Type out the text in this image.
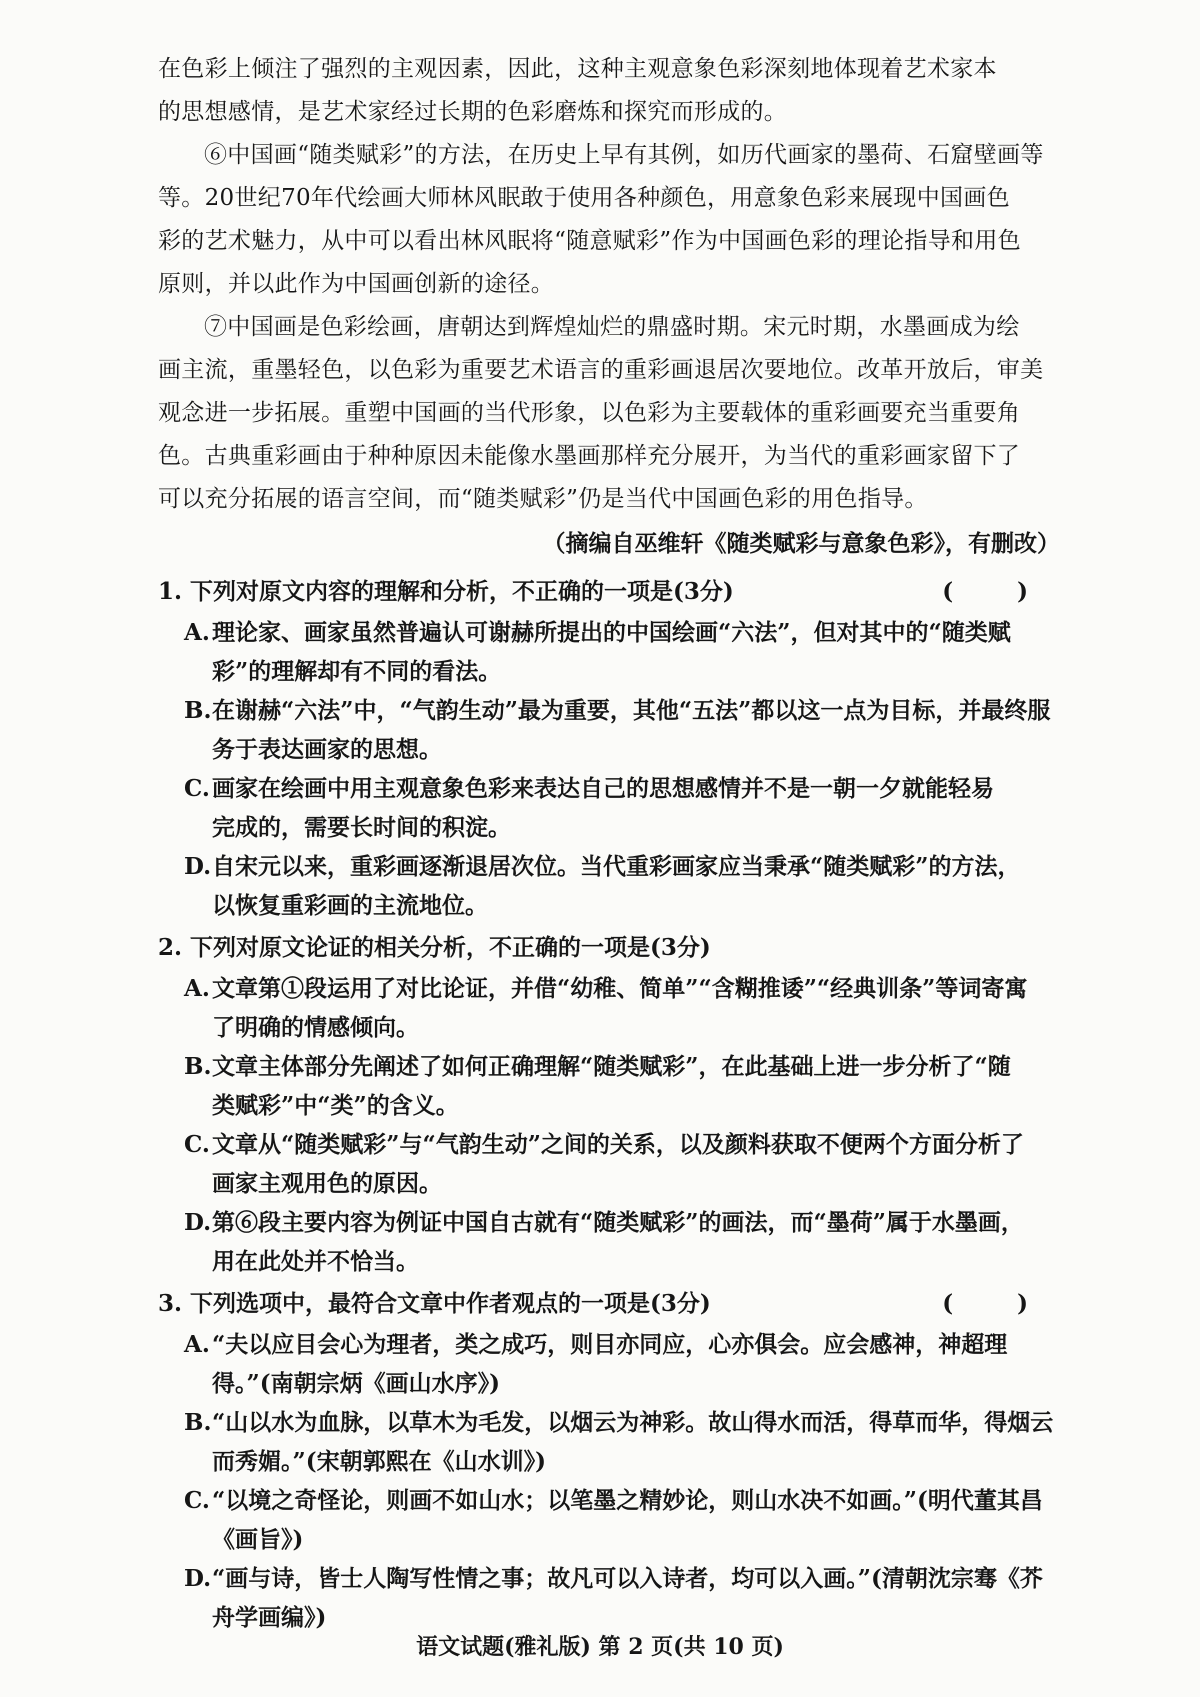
在色彩上倾注了强烈的主观因素，因此，这种主观意象色彩深刻地体现着艺术家本

的思想感情，是艺术家经过长期的色彩磨炼和探究而形成的。

⑥中国画“随类赋彩”的方法，在历史上早有其例，如历代画家的墨荷、石窟壁画等

等。20世纪70年代绘画大师林风眠敢于使用各种颜色，用意象色彩来展现中国画色

彩的艺术魅力，从中可以看出林风眠将“随意赋彩”作为中国画色彩的理论指导和用色

原则，并以此作为中国画创新的途径。

⑦中国画是色彩绘画，唐朝达到辉煌灿烂的鼎盛时期。宋元时期，水墨画成为绘

画主流，重墨轻色，以色彩为重要艺术语言的重彩画退居次要地位。改革开放后，审美

观念进一步拓展。重塑中国画的当代形象，以色彩为主要载体的重彩画要充当重要角

色。古典重彩画由于种种原因未能像水墨画那样充分展开，为当代的重彩画家留下了

可以充分拓展的语言空间，而“随类赋彩”仍是当代中国画色彩的用色指导。

（摘编自巫维轩《随类赋彩与意象色彩》，有删改）

1. 下列对原文内容的理解和分析，不正确的一项是(3分)	( )

A.理论家、画家虽然普遍认可谢赫所提出的中国绘画“六法”，但对其中的“随类赋
彩”的理解却有不同的看法。

B.在谢赫“六法”中，“气韵生动”最为重要，其他“五法”都以这一点为目标，并最终服
务于表达画家的思想。

C.画家在绘画中用主观意象色彩来表达自己的思想感情并不是一朝一夕就能轻易
完成的，需要长时间的积淀。

D.自宋元以来，重彩画逐渐退居次位。当代重彩画家应当秉承“随类赋彩”的方法，
以恢复重彩画的主流地位。

2. 下列对原文论证的相关分析，不正确的一项是(3分)

A.文章第①段运用了对比论证，并借“幼稚、简单”“含糊推诿”“经典训条”等词寄寓
了明确的情感倾向。

B.文章主体部分先阐述了如何正确理解“随类赋彩”，在此基础上进一步分析了“随
类赋彩”中“类”的含义。

C.文章从“随类赋彩”与“气韵生动”之间的关系，以及颜料获取不便两个方面分析了
画家主观用色的原因。

D.第⑥段主要内容为例证中国自古就有“随类赋彩”的画法，而“墨荷”属于水墨画，
用在此处并不恰当。

3. 下列选项中，最符合文章中作者观点的一项是(3分)	( )

A.“夫以应目会心为理者，类之成巧，则目亦同应，心亦俱会。应会感神，神超理
得。”(南朝宗炳《画山水序》)

B.“山以水为血脉，以草木为毛发，以烟云为神彩。故山得水而活，得草而华，得烟云
而秀媚。”(宋朝郭熙在《山水训》)

C.“以境之奇怪论，则画不如山水；以笔墨之精妙论，则山水决不如画。”(明代董其昌
《画旨》)

D.“画与诗，皆士人陶写性情之事；故凡可以入诗者，均可以入画。”(清朝沈宗骞《芥
舟学画编》)

语文试题(雅礼版) 第 2 页(共 10 页)
